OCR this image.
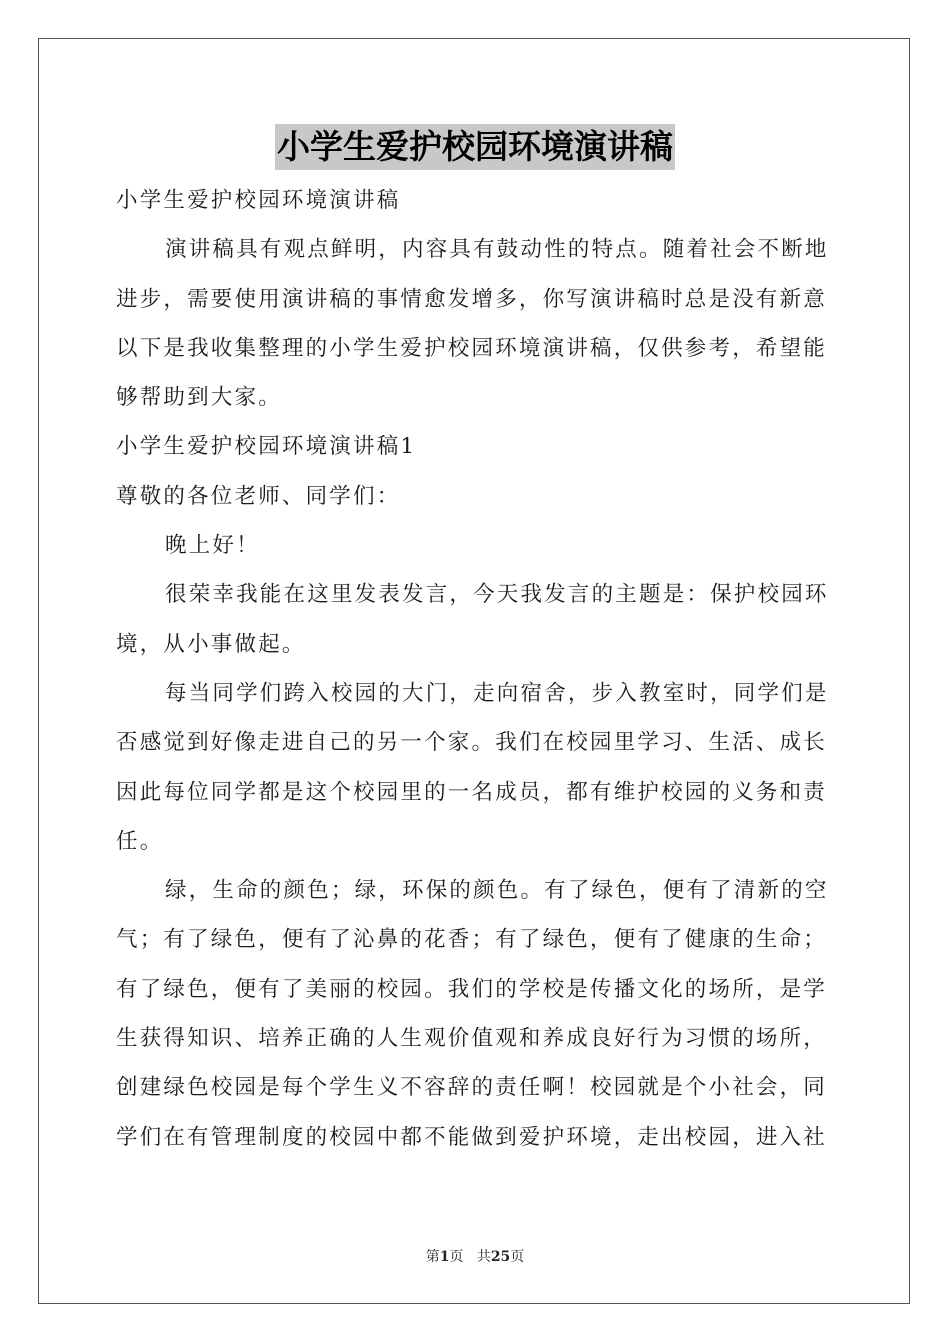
小学生爱护校园环境演讲稿
小学生爱护校园环境演讲稿
演讲稿具有观点鲜明，内容具有鼓动性的特点。随着社会不断地
进步，需要使用演讲稿的事情愈发增多，你写演讲稿时总是没有新意
以下是我收集整理的小学生爱护校园环境演讲稿，仅供参考，希望能
够帮助到大家。
小学生爱护校园环境演讲稿1
尊敬的各位老师、同学们：
晚上好！
很荣幸我能在这里发表发言，今天我发言的主题是：保护校园环
境，从小事做起。
每当同学们跨入校园的大门，走向宿舍，步入教室时，同学们是
否感觉到好像走进自己的另一个家。我们在校园里学习、生活、成长
因此每位同学都是这个校园里的一名成员，都有维护校园的义务和责
任。
绿，生命的颜色；绿，环保的颜色。有了绿色，便有了清新的空
气；有了绿色，便有了沁鼻的花香；有了绿色，便有了健康的生命；
有了绿色，便有了美丽的校园。我们的学校是传播文化的场所，是学
生获得知识、培养正确的人生观价值观和养成良好行为习惯的场所，
创建绿色校园是每个学生义不容辞的责任啊！校园就是个小社会，同
学们在有管理制度的校园中都不能做到爱护环境，走出校园，进入社
第1页 共25页
